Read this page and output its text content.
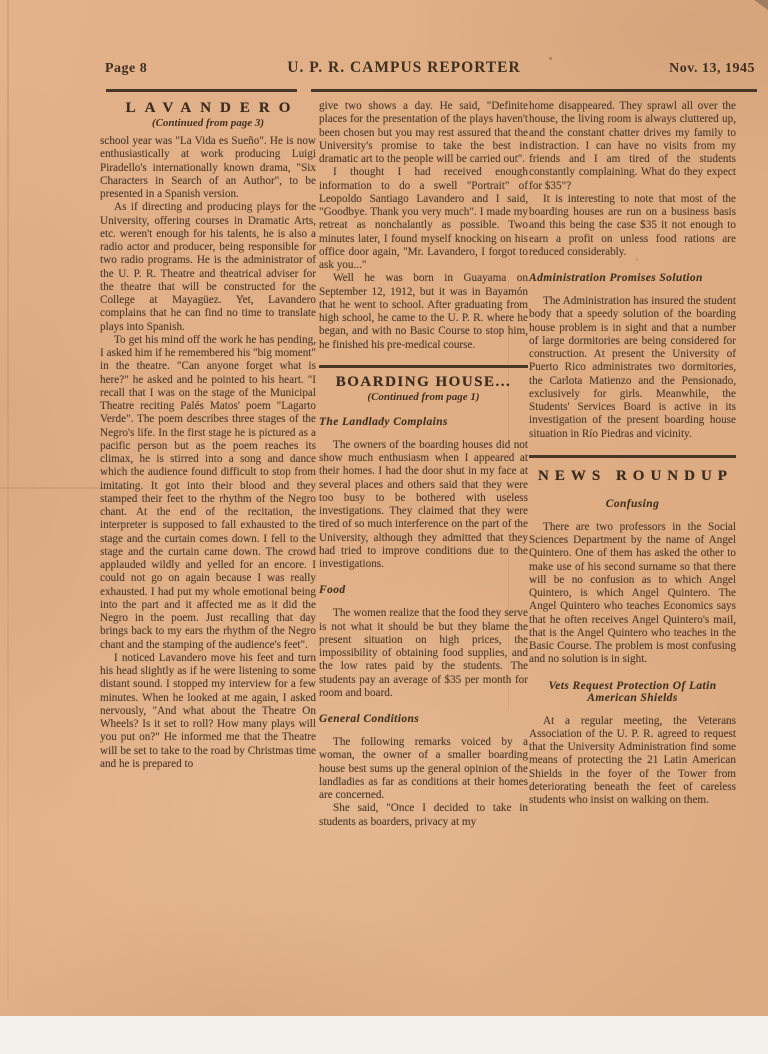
Page 8	U. P. R. CAMPUS REPORTER	Nov. 13, 1945
LAVANDERO
(Continued from page 3)

school year was "La Vida es Sueño". He is now enthusiastically at work producing Luigi Piradello's internationally known drama, "Six Characters in Search of an Author", to be presented in a Spanish version.

As if directing and producing plays for the University, offering courses in Dramatic Arts, etc. weren't enough for his talents, he is also a radio actor and producer, being responsible for two radio programs. He is the administrator of the U. P. R. Theatre and theatrical adviser for the theatre that will be constructed for the College at Mayagüez. Yet, Lavandero complains that he can find no time to translate plays into Spanish.

To get his mind off the work he has pending, I asked him if he remembered his "big moment" in the theatre. "Can anyone forget what is here?" he asked and he pointed to his heart. "I recall that I was on the stage of the Municipal Theatre reciting Palés Matos' poem "Lagarto Verde". The poem describes three stages of the Negro's life. In the first stage he is pictured as a pacific person but as the poem reaches its climax, he is stirred into a song and dance which the audience found difficult to stop from imitating. It got into their blood and they stamped their feet to the rhythm of the Negro chant. At the end of the recitation, the interpreter is supposed to fall exhausted to the stage and the curtain comes down. I fell to the stage and the curtain came down. The crowd applauded wildly and yelled for an encore. I could not go on again because I was really exhausted. I had put my whole emotional being into the part and it affected me as it did the Negro in the poem. Just recalling that day brings back to my ears the rhythm of the Negro chant and the stamping of the audience's feet".

I noticed Lavandero move his feet and turn his head slightly as if he were listening to some distant sound. I stopped my interview for a few minutes. When he looked at me again, I asked nervously, "And what about the Theatre On Wheels? Is it set to roll? How many plays will you put on?" He informed me that the Theatre will be set to take to the road by Christmas time and he is prepared to

give two shows a day. He said, "Definite places for the presentation of the plays haven't been chosen but you may rest assured that the University's promise to take the best in dramatic art to the people will be carried out".

I thought I had received enough information to do a swell "Portrait" of Leopoldo Santiago Lavandero and I said, "Goodbye. Thank you very much". I made my retreat as nonchalantly as possible. Two minutes later, I found myself knocking on his office door again, "Mr. Lavandero, I forgot to ask you..."

Well he was born in Guayama on September 12, 1912, but it was in Bayamón that he went to school. After graduating from high school, he came to the U. P. R. where he began, and with no Basic Course to stop him, he finished his pre-medical course.

BOARDING HOUSE...
(Continued from page 1)
The Landlady Complains

The owners of the boarding houses did not show much enthusiasm when I appeared at their homes. I had the door shut in my face at several places and others said that they were too busy to be bothered with useless investigations. They claimed that they were tired of so much interference on the part of the University, although they admitted that they had tried to improve conditions due to the investigations.

Food

The women realize that the food they serve is not what it should be but they blame the present situation on high prices, the impossibility of obtaining food supplies, and the low rates paid by the students. The students pay an average of $35 per month for room and board.

General Conditions

The following remarks voiced by a woman, the owner of a smaller boarding house best sums up the general opinion of the landladies as far as conditions at their homes are concerned.

She said, "Once I decided to take in students as boarders, privacy at my

home disappeared. They sprawl all over the house, the living room is always cluttered up, and the constant chatter drives my family to distraction. I can have no visits from my friends and I am tired of the students constantly complaining. What do they expect for $35"?

It is interesting to note that most of the boarding houses are run on a business basis and this being the case $35 it not enough to earn a profit on unless food rations are reduced considerably.

Administration Promises Solution

The Administration has insured the student body that a speedy solution of the boarding house problem is in sight and that a number of large dormitories are being considered for construction. At present the University of Puerto Rico administrates two dormitories, the Carlota Matienzo and the Pensionado, exclusively for girls. Meanwhile, the Students' Services Board is active in its investigation of the present boarding house situation in Río Piedras and vicinity.

NEWS ROUNDUP
Confusing

There are two professors in the Social Sciences Department by the name of Angel Quintero. One of them has asked the other to make use of his second surname so that there will be no confusion as to which Angel Quintero, is which Angel Quintero. The Angel Quintero who teaches Economics says that he often receives Angel Quintero's mail, that is the Angel Quintero who teaches in the Basic Course. The problem is most confusing and no solution is in sight.

Vets Request Protection Of Latin American Shields

At a regular meeting, the Veterans Association of the U. P. R. agreed to request that the University Administration find some means of protecting the 21 Latin American Shields in the foyer of the Tower from deteriorating beneath the feet of careless students who insist on walking on them.
